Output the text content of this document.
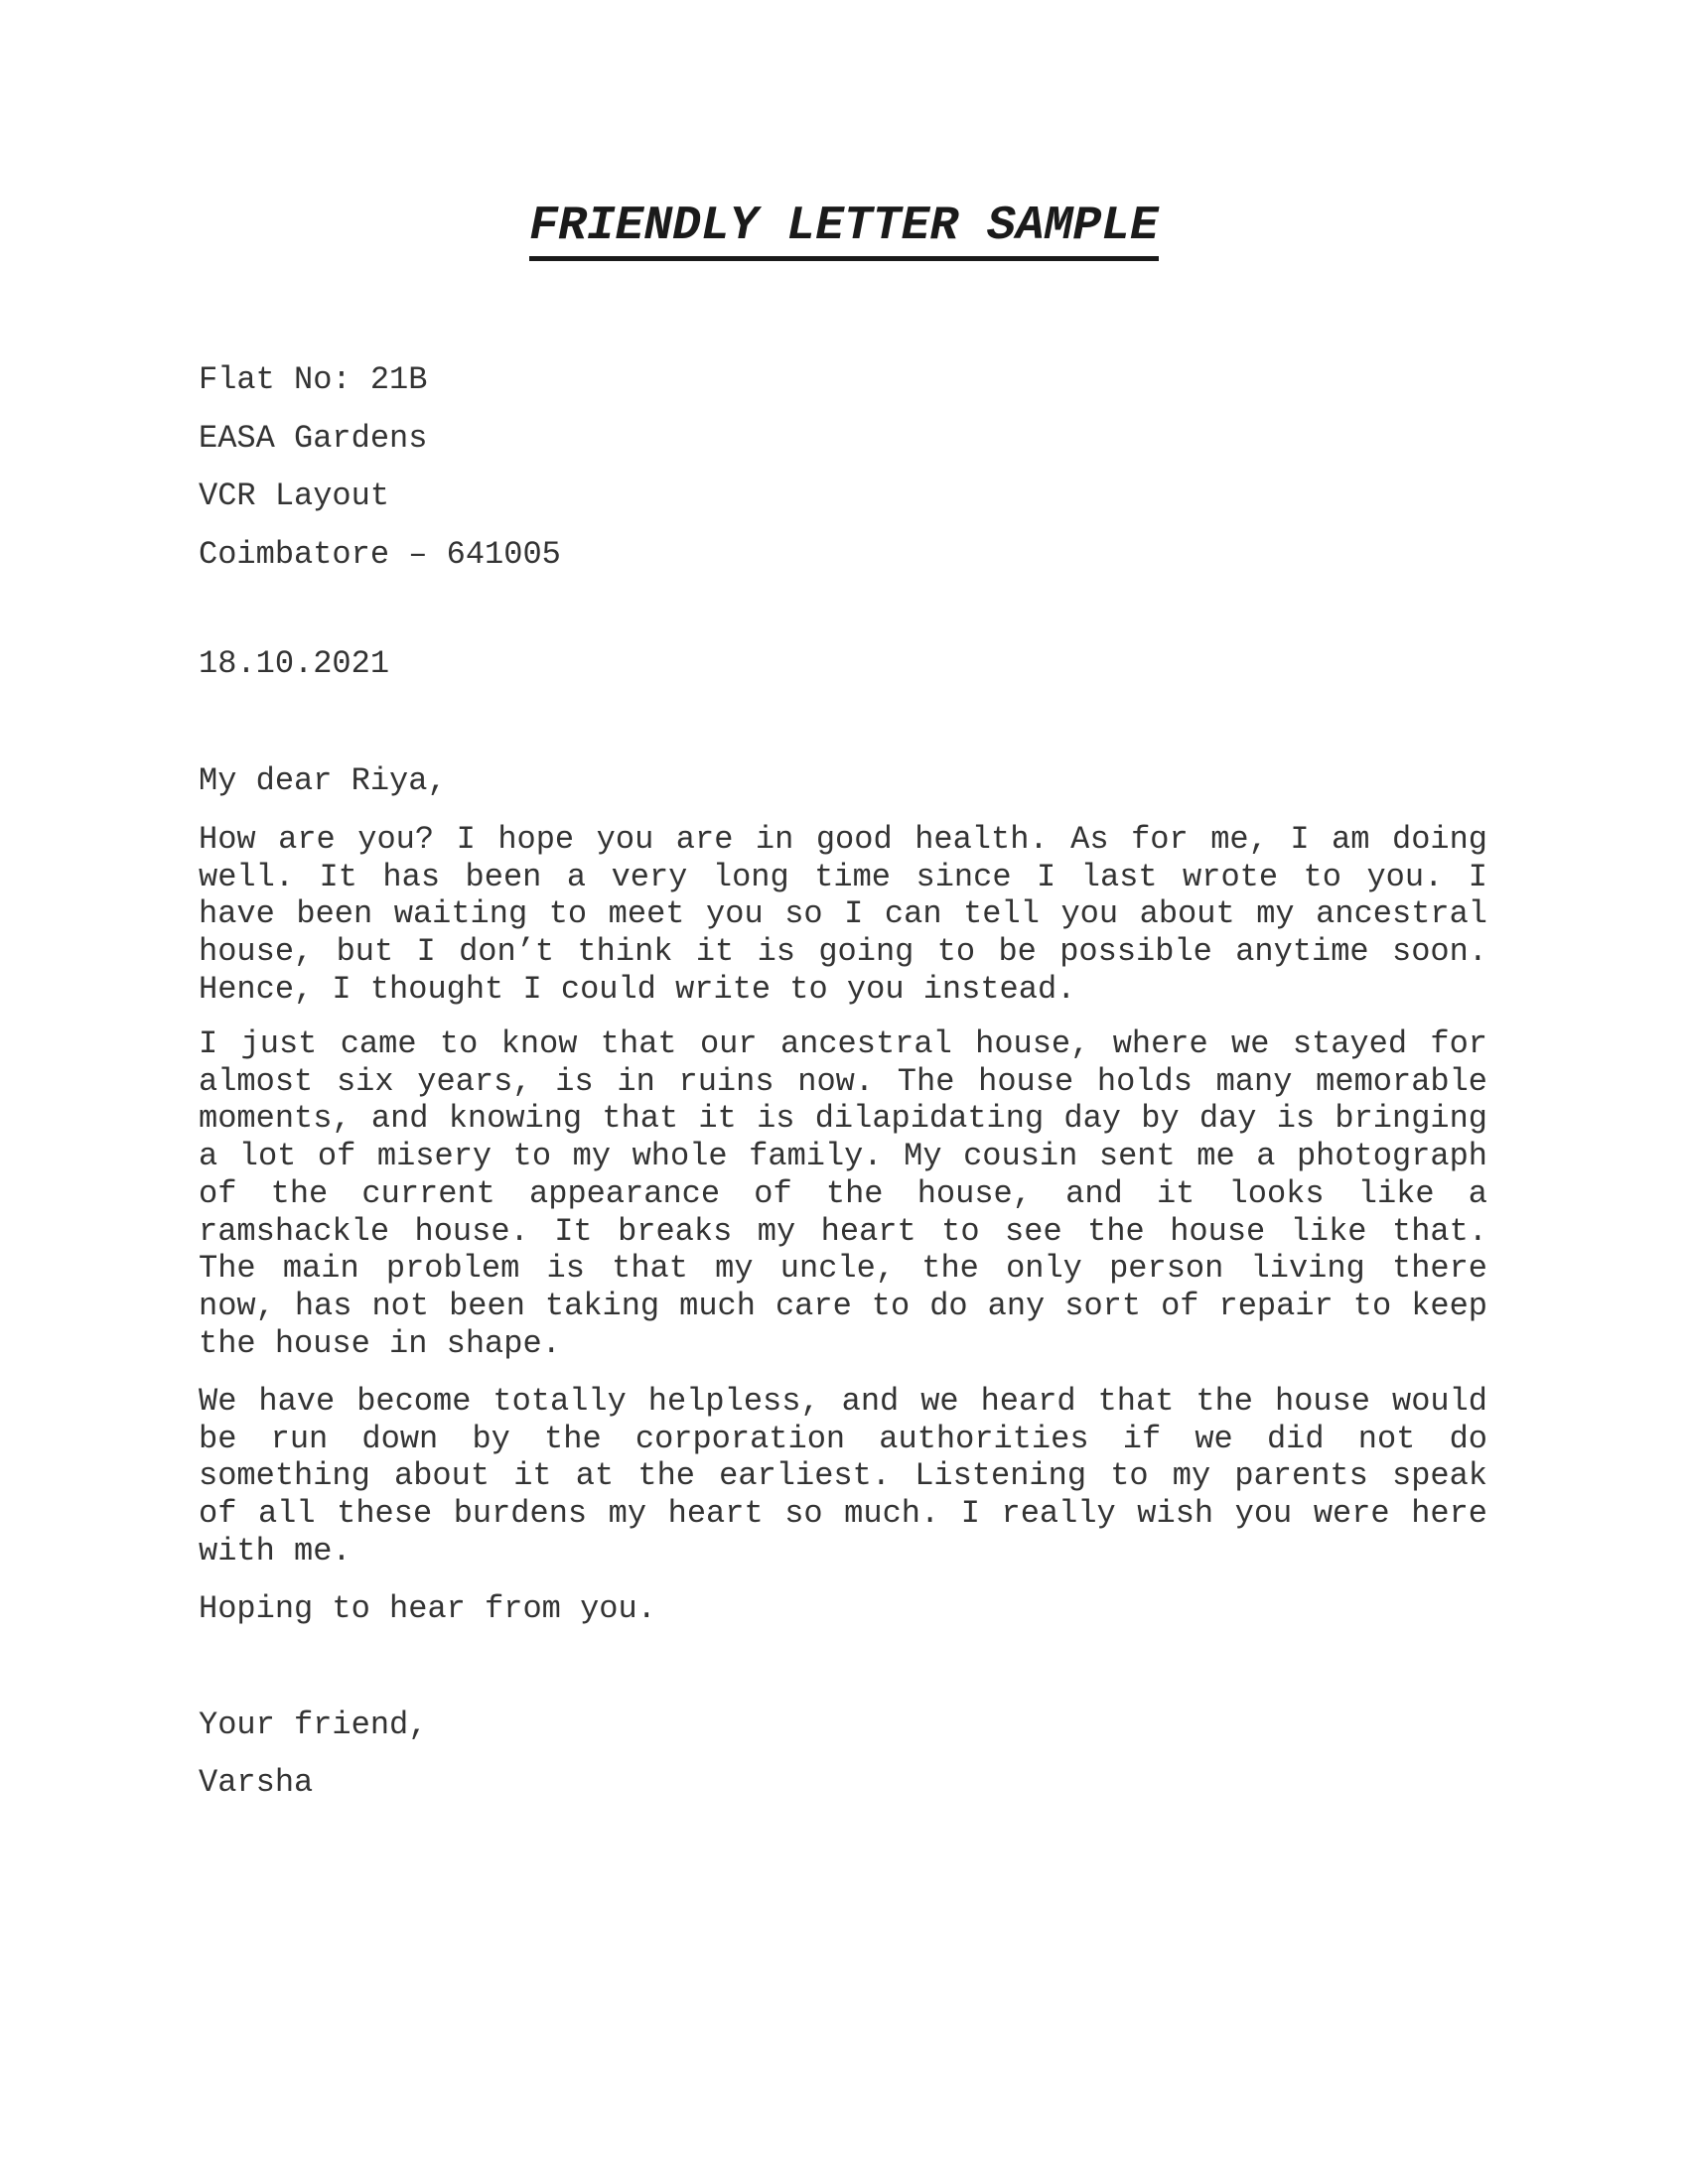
FRIENDLY LETTER SAMPLE
Flat No: 21B
EASA Gardens
VCR Layout
Coimbatore – 641005

18.10.2021

My dear Riya,

How are you? I hope you are in good health. As for me, I am doing well. It has been a very long time since I last wrote to you. I have been waiting to meet you so I can tell you about my ancestral house, but I don’t think it is going to be possible anytime soon. Hence, I thought I could write to you instead.

I just came to know that our ancestral house, where we stayed for almost six years, is in ruins now. The house holds many memorable moments, and knowing that it is dilapidating day by day is bringing a lot of misery to my whole family. My cousin sent me a photograph of the current appearance of the house, and it looks like a ramshackle house. It breaks my heart to see the house like that. The main problem is that my uncle, the only person living there now, has not been taking much care to do any sort of repair to keep the house in shape.

We have become totally helpless, and we heard that the house would be run down by the corporation authorities if we did not do something about it at the earliest. Listening to my parents speak of all these burdens my heart so much. I really wish you were here with me.

Hoping to hear from you.

Your friend,

Varsha
